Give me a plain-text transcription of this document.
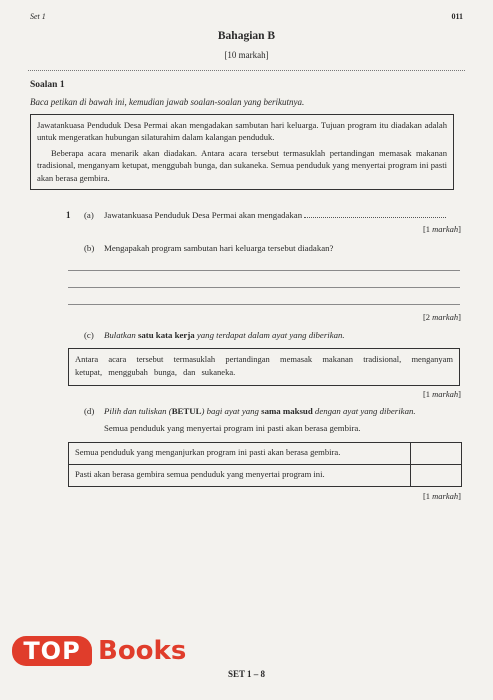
Set 1	011
Bahagian B
[10 markah]
Soalan 1
Baca petikan di bawah ini, kemudian jawab soalan-soalan yang berikutnya.

Jawatankuasa Penduduk Desa Permai akan mengadakan sambutan hari keluarga. Tujuan program itu diadakan adalah untuk mengeratkan hubungan silaturahim dalam kalangan penduduk.

Beberapa acara menarik akan diadakan. Antara acara tersebut termasuklah pertandingan memasak makanan tradisional, menganyam ketupat, menggubah bunga, dan sukaneka. Semua penduduk yang menyertai program ini pasti akan berasa gembira.

1 (a) Jawatankuasa Penduduk Desa Permai akan mengadakan	.
[1 markah]
(b) Mengapakah program sambutan hari keluarga tersebut diadakan?
[2 markah]
(c) Bulatkan satu kata kerja yang terdapat dalam ayat yang diberikan.
Antara acara tersebut termasuklah pertandingan memasak makanan tradisional, menganyam ketupat, menggubah bunga, dan sukaneka.
[1 markah]
(d) Pilih dan tuliskan (BETUL) bagi ayat yang sama maksud dengan ayat yang diberikan.
Semua penduduk yang menyertai program ini pasti akan berasa gembira.
Semua penduduk yang menganjurkan program ini pasti akan berasa gembira.
Pasti akan berasa gembira semua penduduk yang menyertai program ini.
[1 markah]
TOP Books
SET 1 – 8
